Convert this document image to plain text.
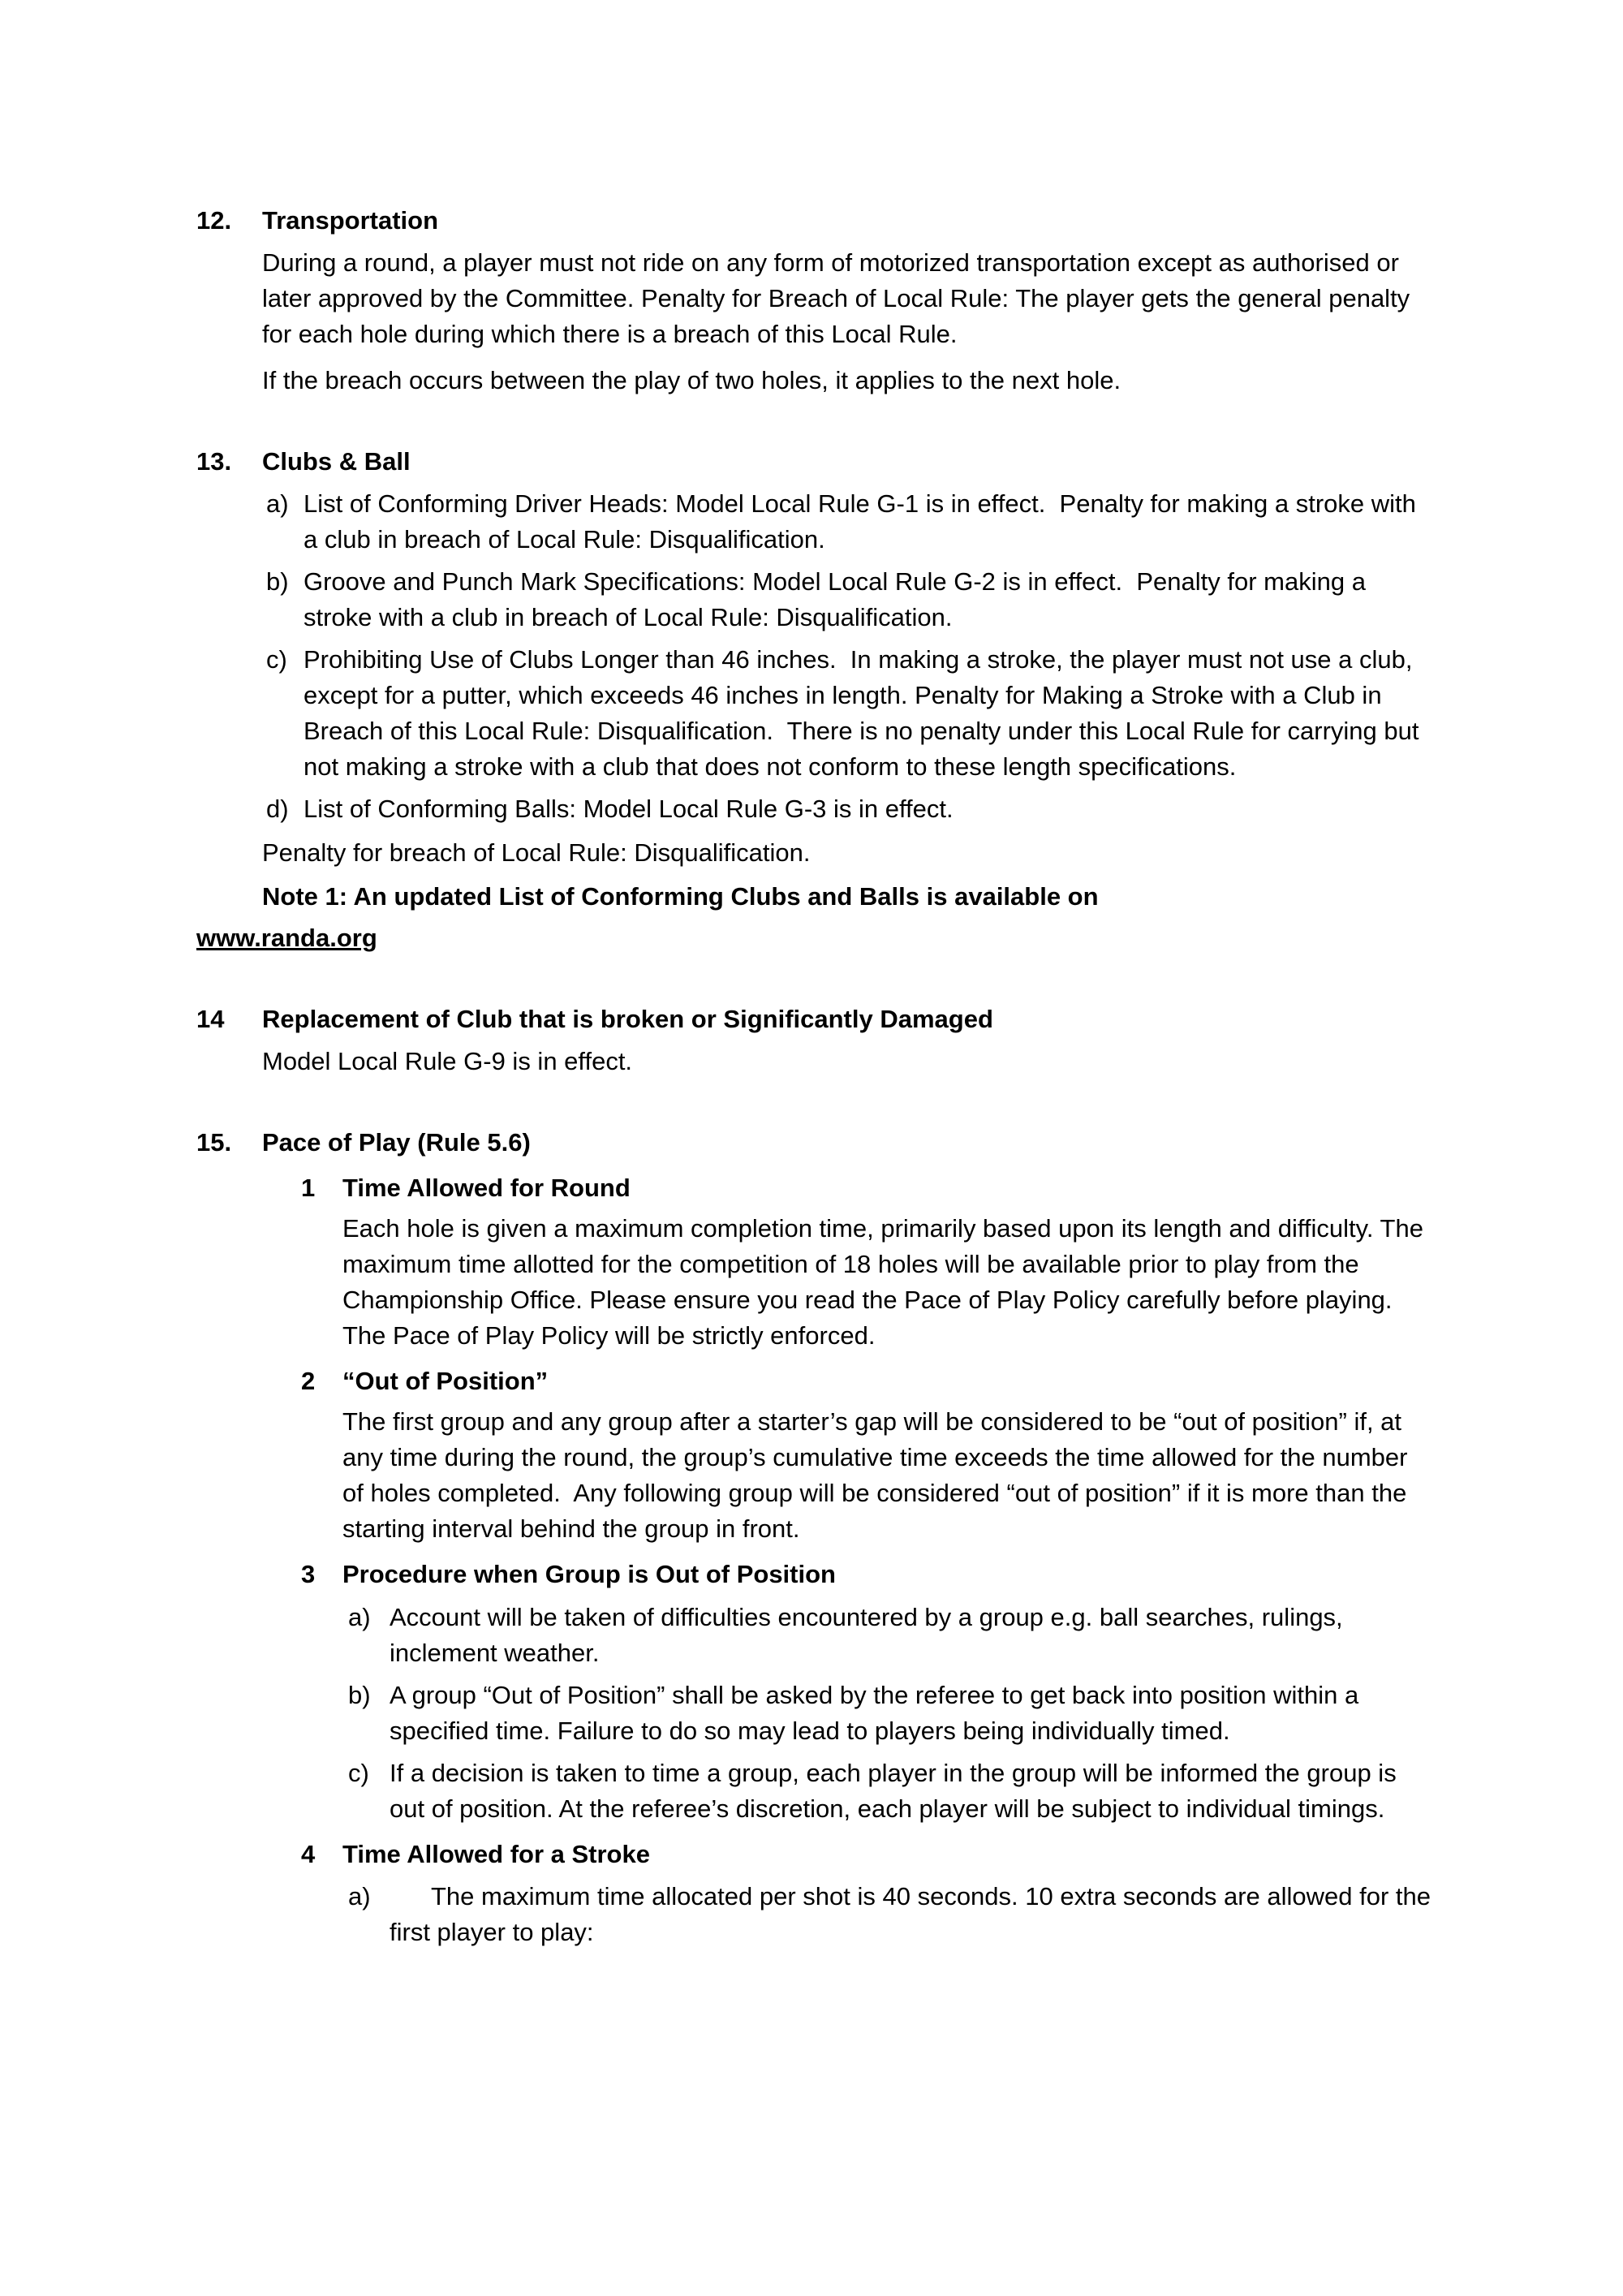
12.	Transportation

During a round, a player must not ride on any form of motorized transportation except as authorised or later approved by the Committee. Penalty for Breach of Local Rule: The player gets the general penalty for each hole during which there is a breach of this Local Rule.

If the breach occurs between the play of two holes, it applies to the next hole.

13.	Clubs & Ball
a) List of Conforming Driver Heads: Model Local Rule G-1 is in effect.  Penalty for making a stroke with a club in breach of Local Rule: Disqualification.
b) Groove and Punch Mark Specifications: Model Local Rule G-2 is in effect.  Penalty for making a stroke with a club in breach of Local Rule: Disqualification.
c) Prohibiting Use of Clubs Longer than 46 inches.  In making a stroke, the player must not use a club, except for a putter, which exceeds 46 inches in length. Penalty for Making a Stroke with a Club in Breach of this Local Rule: Disqualification.  There is no penalty under this Local Rule for carrying but not making a stroke with a club that does not conform to these length specifications.
d) List of Conforming Balls: Model Local Rule G-3 is in effect.

Penalty for breach of Local Rule: Disqualification.

Note 1: An updated List of Conforming Clubs and Balls is available on

www.randa.org

14	Replacement of Club that is broken or Significantly Damaged

Model Local Rule G-9 is in effect.

15.	Pace of Play (Rule 5.6)
1	Time Allowed for Round

Each hole is given a maximum completion time, primarily based upon its length and difficulty. The maximum time allotted for the competition of 18 holes will be available prior to play from the Championship Office. Please ensure you read the Pace of Play Policy carefully before playing. The Pace of Play Policy will be strictly enforced.

2	“Out of Position”

The first group and any group after a starter’s gap will be considered to be “out of position” if, at any time during the round, the group’s cumulative time exceeds the time allowed for the number of holes completed.  Any following group will be considered “out of position” if it is more than the starting interval behind the group in front.

3	Procedure when Group is Out of Position
a) Account will be taken of difficulties encountered by a group e.g. ball searches, rulings, inclement weather.
b) A group “Out of Position” shall be asked by the referee to get back into position within a specified time. Failure to do so may lead to players being individually timed.
c) If a decision is taken to time a group, each player in the group will be informed the group is out of position. At the referee’s discretion, each player will be subject to individual timings.
4	Time Allowed for a Stroke
a)	The maximum time allocated per shot is 40 seconds. 10 extra seconds are allowed for the first player to play:
